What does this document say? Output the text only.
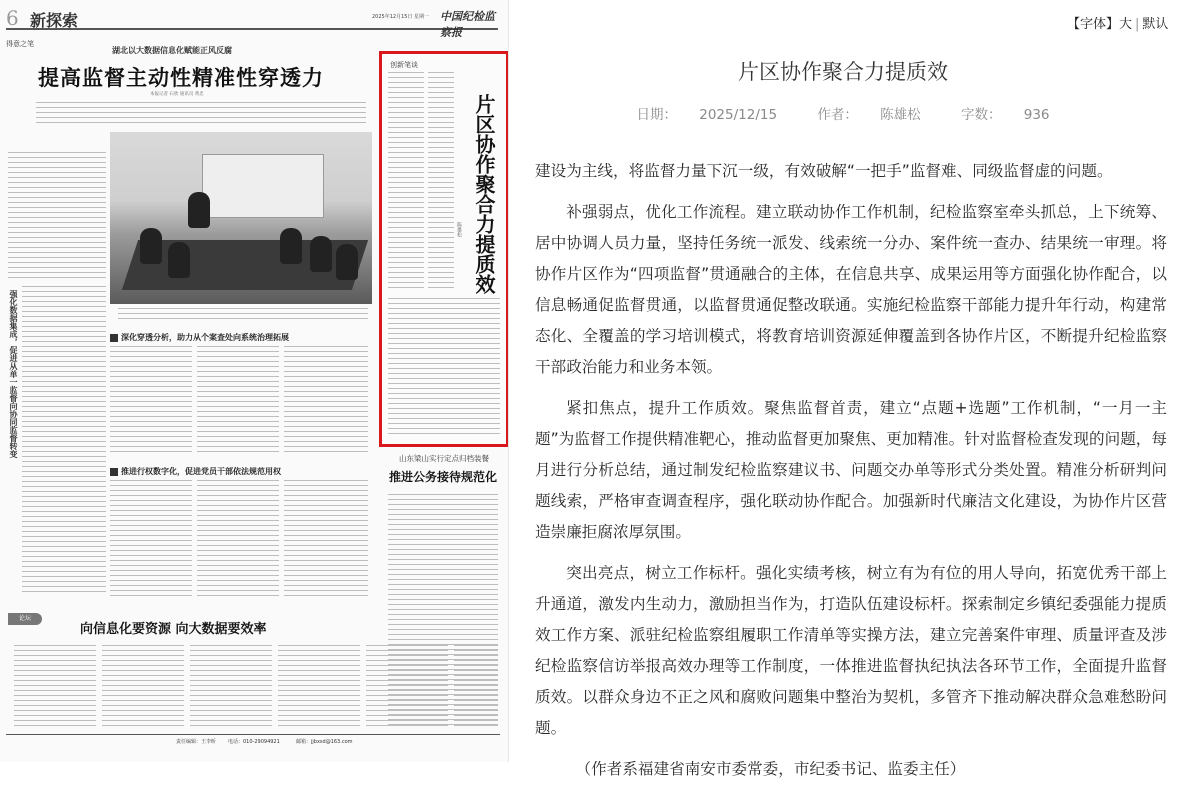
6 新探索	2025年12月15日 星期一 中国纪检监察报
得意之笔
湖北以大数据信息化赋能正风反腐
提高监督主动性精准性穿透力
本报记者 石欣 通讯员 黄忠
强化数据集成，促进从单一监督向协同监督转变	深化穿透分析，助力从个案查处向系统治理拓展
推进行权数字化，促进党员干部依法规范用权
论坛
向信息化要资源 向大数据要效率
创新笔谈
片区协作聚合力提质效
陈雄松
山东梁山实行定点归档装餐
推进公务接待规范化
责任编辑：王李昕 电话：010-29094921	邮箱：jjbxsd@163.com
【字体】大 | 默认
片区协作聚合力提质效
日期： 2025/12/15	作者： 陈雄松	字数： 936

建设为主线，将监督力量下沉一级，有效破解“一把手”监督难、同级监督虚的问题。

补强弱点，优化工作流程。建立联动协作工作机制，纪检监察室牵头抓总，上下统筹、居中协调人员力量，坚持任务统一派发、线索统一分办、案件统一查办、结果统一审理。将协作片区作为“四项监督”贯通融合的主体，在信息共享、成果运用等方面强化协作配合，以信息畅通促监督贯通，以监督贯通促整改联通。实施纪检监察干部能力提升年行动，构建常态化、全覆盖的学习培训模式，将教育培训资源延伸覆盖到各协作片区，不断提升纪检监察干部政治能力和业务本领。

紧扣焦点，提升工作质效。聚焦监督首责，建立“点题+选题”工作机制，“一月一主题”为监督工作提供精准靶心，推动监督更加聚焦、更加精准。针对监督检查发现的问题，每月进行分析总结，通过制发纪检监察建议书、问题交办单等形式分类处置。精准分析研判问题线索，严格审查调查程序，强化联动协作配合。加强新时代廉洁文化建设，为协作片区营造崇廉拒腐浓厚氛围。

突出亮点，树立工作标杆。强化实绩考核，树立有为有位的用人导向，拓宽优秀干部上升通道，激发内生动力，激励担当作为，打造队伍建设标杆。探索制定乡镇纪委强能力提质效工作方案、派驻纪检监察组履职工作清单等实操方法，建立完善案件审理、质量评查及涉纪检监察信访举报高效办理等工作制度，一体推进监督执纪执法各环节工作，全面提升监督质效。以群众身边不正之风和腐败问题集中整治为契机，多管齐下推动解决群众急难愁盼问题。

（作者系福建省南安市委常委，市纪委书记、监委主任）
